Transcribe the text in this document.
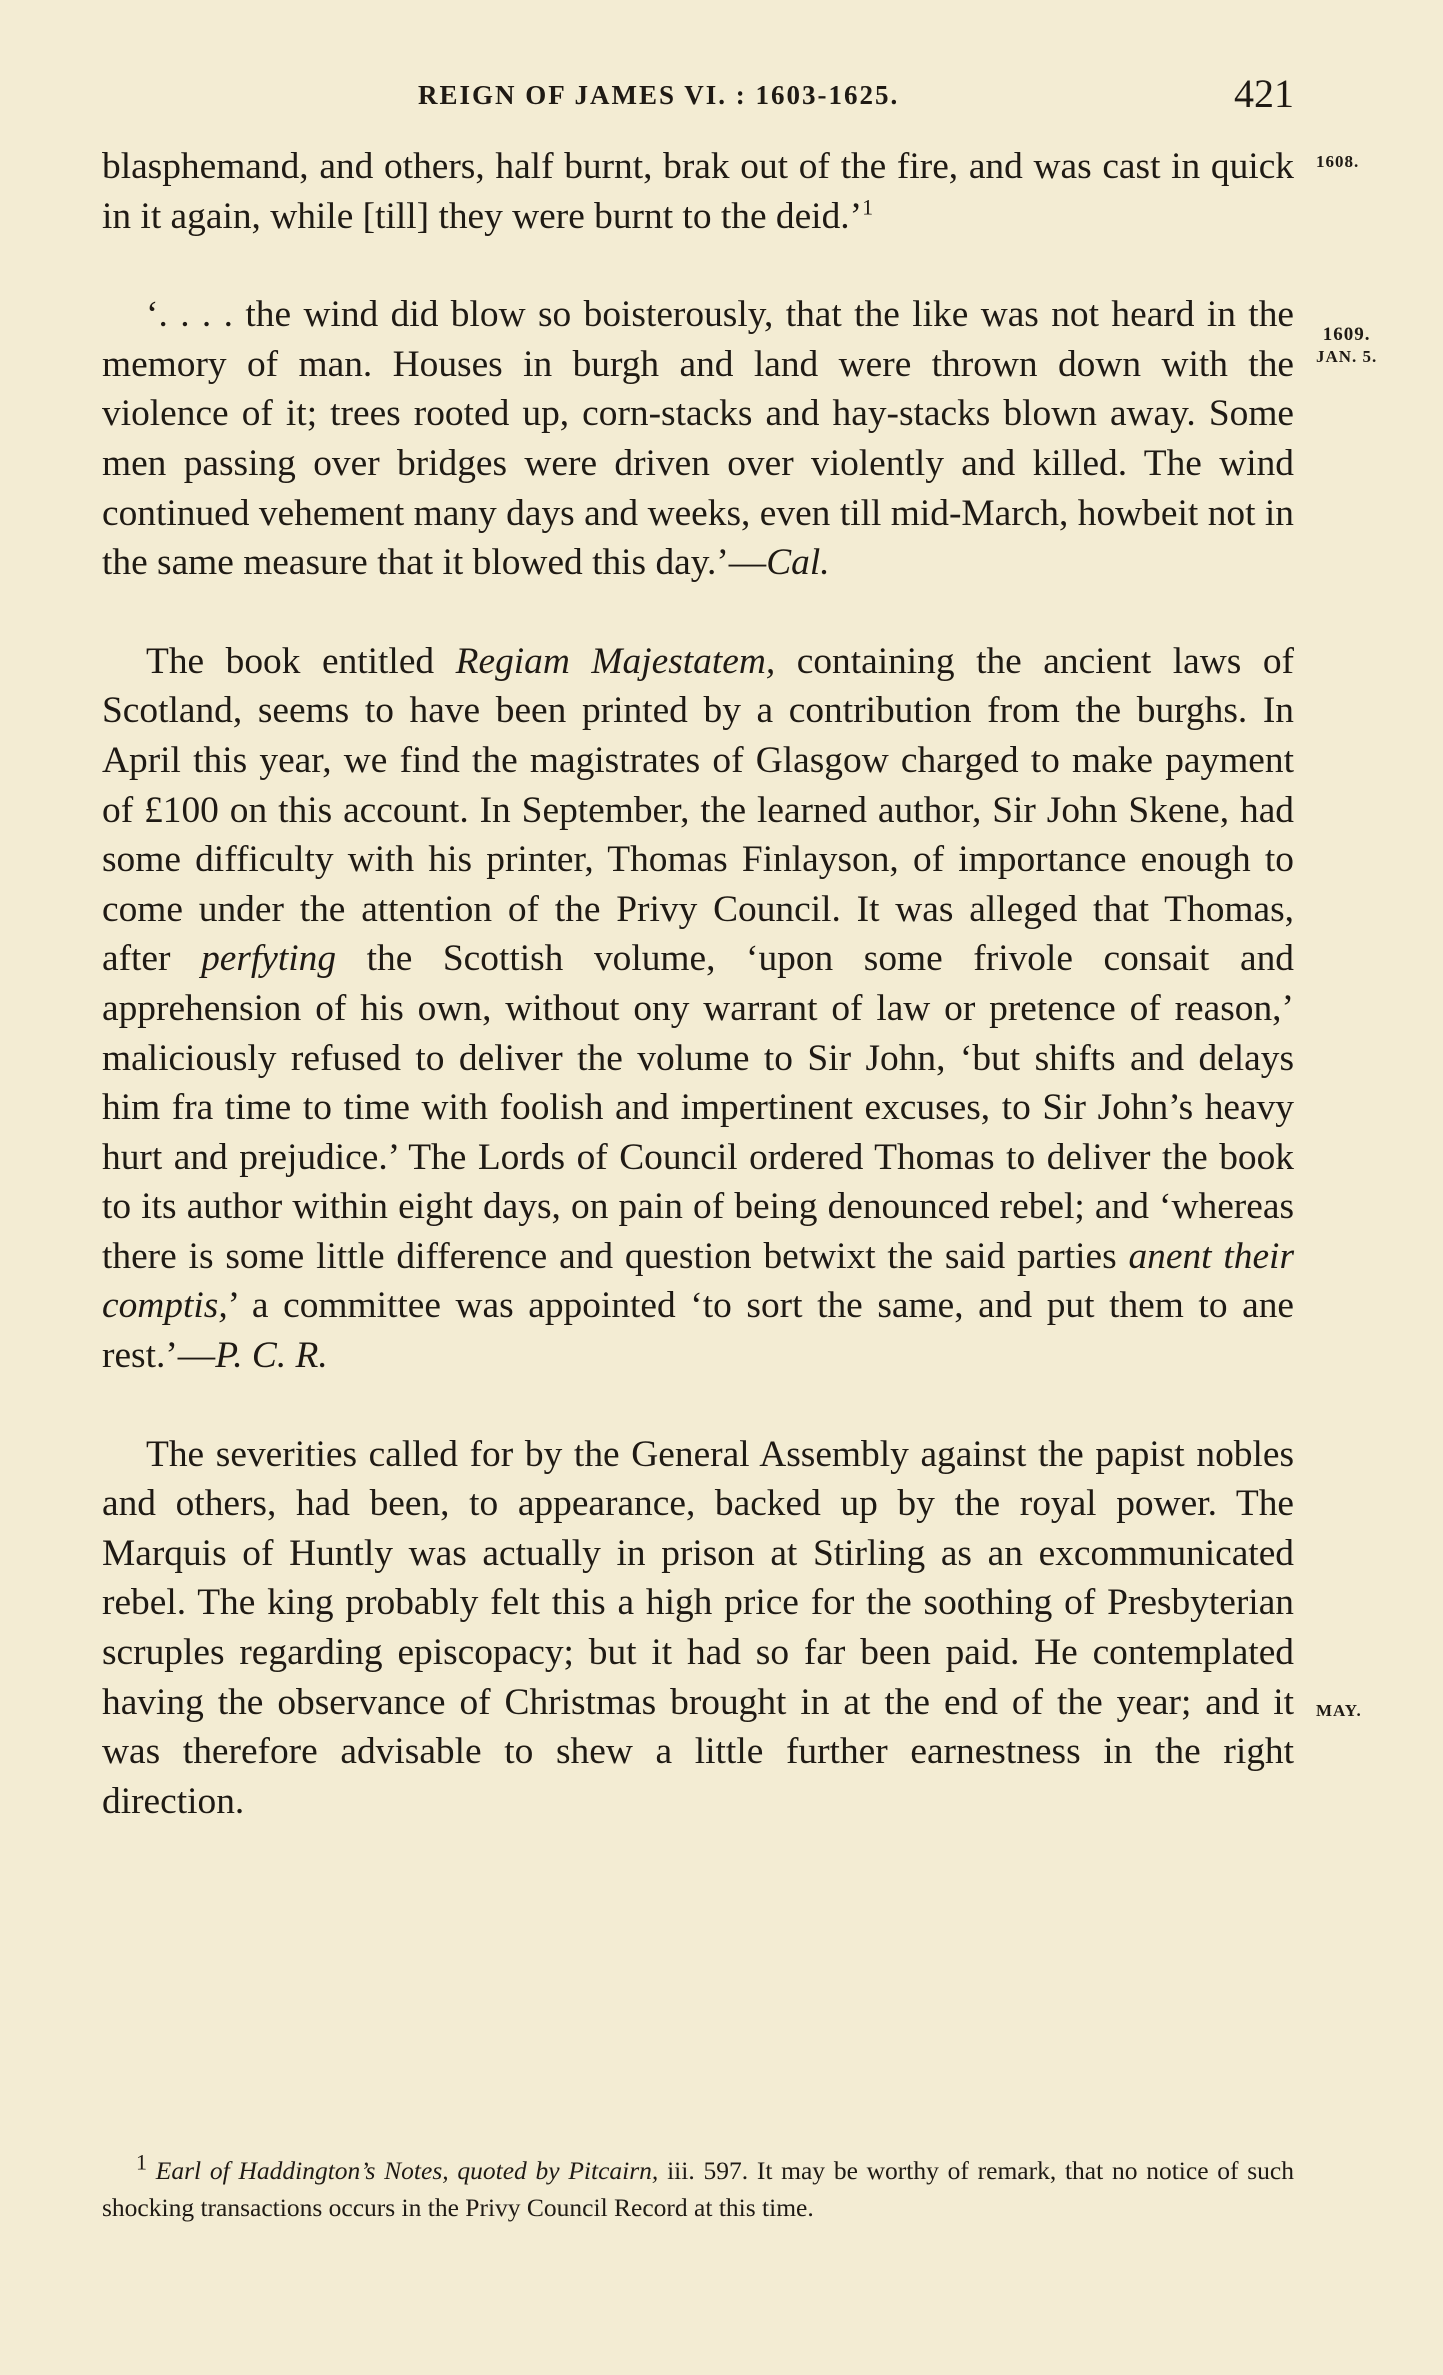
REIGN OF JAMES VI. : 1603-1625.	421
1608.
1609.
JAN. 5.
MAY.

blasphemand, and others, half burnt, brak out of the fire, and was cast in quick in it again, while [till] they were burnt to the deid.’$^1$

‘. . . . the wind did blow so boisterously, that the like was not heard in the memory of man. Houses in burgh and land were thrown down with the violence of it; trees rooted up, corn-stacks and hay-stacks blown away. Some men passing over bridges were driven over violently and killed. The wind continued vehement many days and weeks, even till mid-March, howbeit not in the same measure that it blowed this day.’—Cal.

The book entitled Regiam Majestatem, containing the ancient laws of Scotland, seems to have been printed by a contribution from the burghs. In April this year, we find the magistrates of Glasgow charged to make payment of £100 on this account. In September, the learned author, Sir John Skene, had some difficulty with his printer, Thomas Finlayson, of importance enough to come under the attention of the Privy Council. It was alleged that Thomas, after perfyting the Scottish volume, ‘upon some frivole consait and apprehension of his own, without ony warrant of law or pretence of reason,’ maliciously refused to deliver the volume to Sir John, ‘but shifts and delays him fra time to time with foolish and impertinent excuses, to Sir John’s heavy hurt and prejudice.’ The Lords of Council ordered Thomas to deliver the book to its author within eight days, on pain of being denounced rebel; and ‘whereas there is some little difference and question betwixt the said parties anent their comptis,’ a committee was appointed ‘to sort the same, and put them to ane rest.’—P. C. R.

The severities called for by the General Assembly against the papist nobles and others, had been, to appearance, backed up by the royal power. The Marquis of Huntly was actually in prison at Stirling as an excommunicated rebel. The king probably felt this a high price for the soothing of Presbyterian scruples regarding episcopacy; but it had so far been paid. He contemplated having the observance of Christmas brought in at the end of the year; and it was therefore advisable to shew a little further earnestness in the right direction.

$^1$ Earl of Haddington’s Notes, quoted by Pitcairn, iii. 597. It may be worthy of remark, that no notice of such shocking transactions occurs in the Privy Council Record at this time.
